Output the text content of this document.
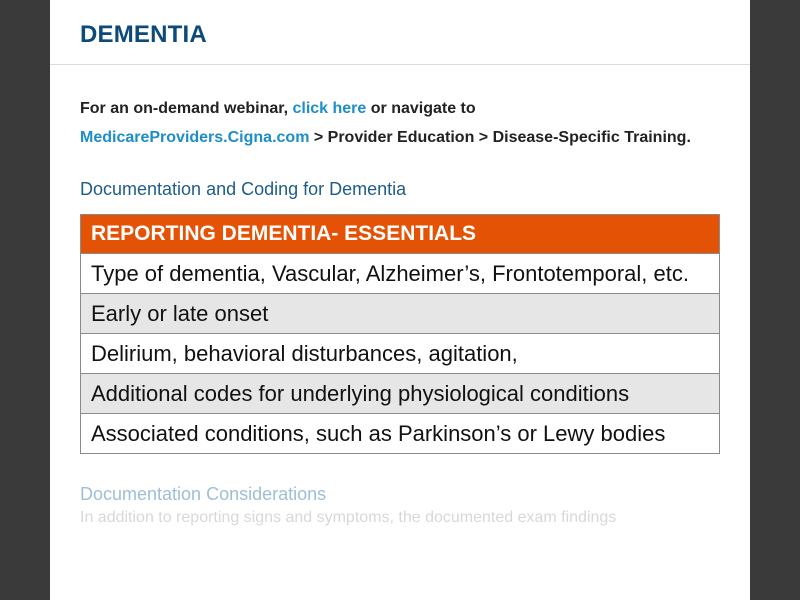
DEMENTIA

For an on-demand webinar, click here or navigate to
MedicareProviders.Cigna.com > Provider Education > Disease-Specific Training.

Documentation and Coding for Dementia
REPORTING DEMENTIA- ESSENTIALS
Type of dementia, Vascular, Alzheimer’s, Frontotemporal, etc.
Early or late onset
Delirium, behavioral disturbances, agitation,
Additional codes for underlying physiological conditions
Associated conditions, such as Parkinson’s or Lewy bodies
Documentation Considerations

In addition to reporting signs and symptoms, the documented exam findings
